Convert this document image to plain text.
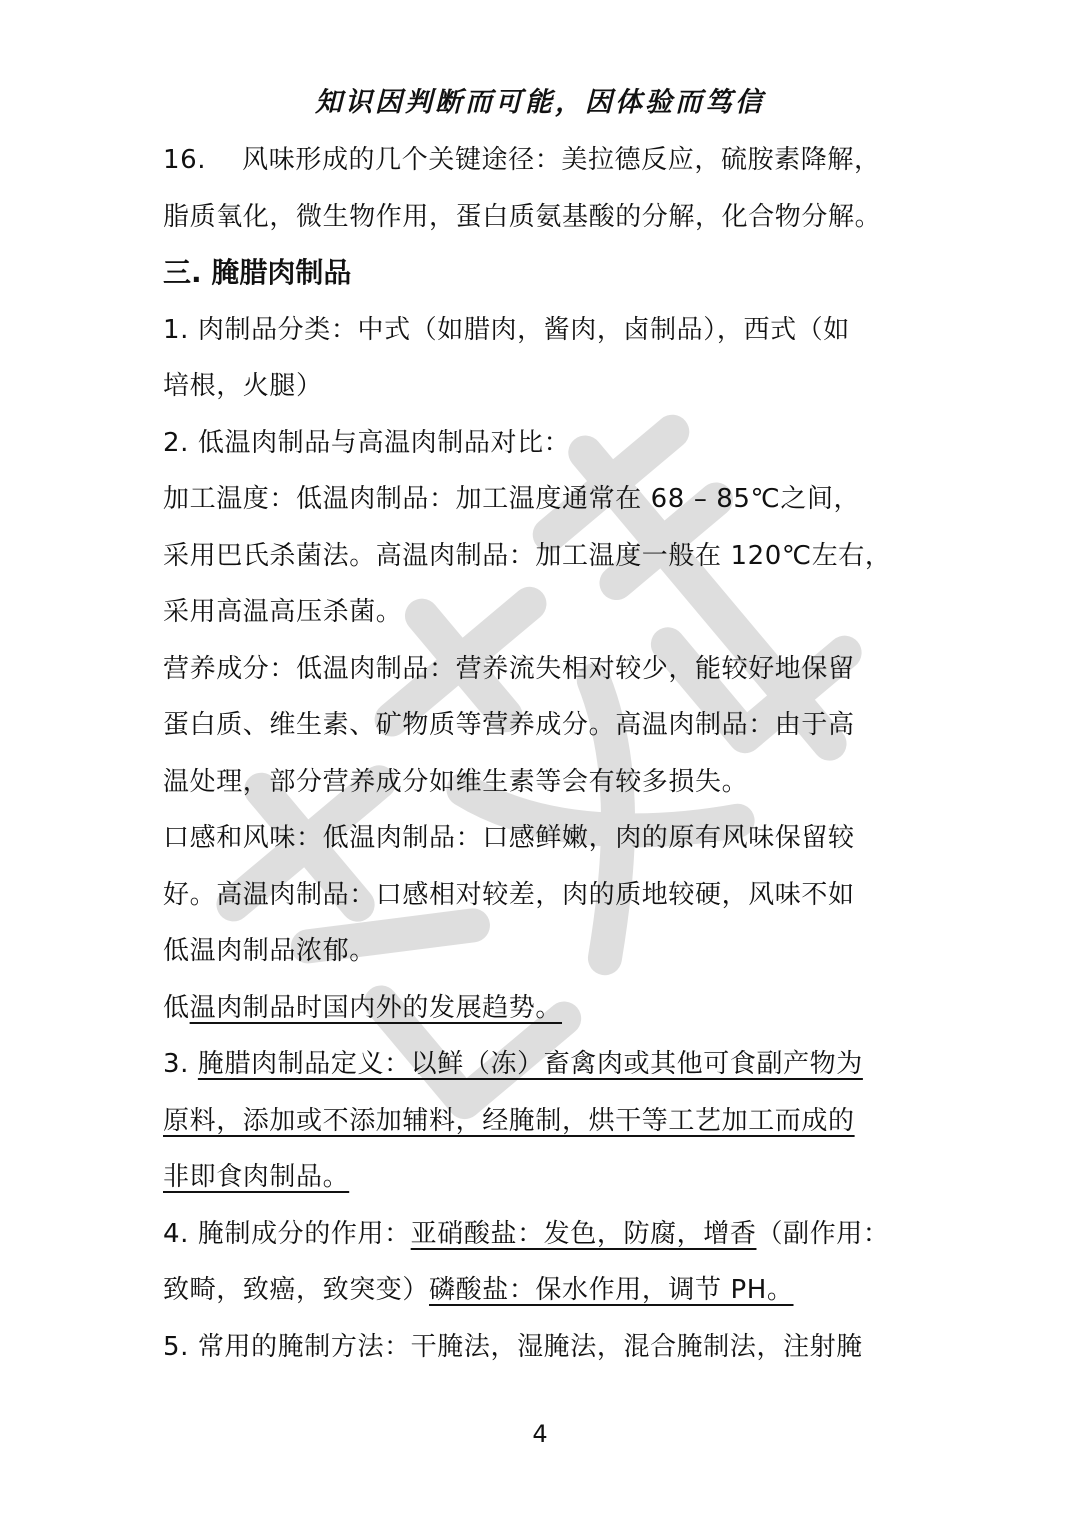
知识因判断而可能，因体验而笃信
16. 风味形成的几个关键途径：美拉德反应，硫胺素降解，
脂质氧化，微生物作用，蛋白质氨基酸的分解，化合物分解。
三. 腌腊肉制品
1. 肉制品分类：中式（如腊肉，酱肉，卤制品），西式（如
培根，火腿）
2. 低温肉制品与高温肉制品对比：
加工温度：低温肉制品：加工温度通常在 68 – 85℃之间，
采用巴氏杀菌法。高温肉制品：加工温度一般在 120℃左右，
采用高温高压杀菌。
营养成分：低温肉制品：营养流失相对较少，能较好地保留
蛋白质、维生素、矿物质等营养成分。高温肉制品：由于高
温处理，部分营养成分如维生素等会有较多损失。
口感和风味：低温肉制品：口感鲜嫩，肉的原有风味保留较
好。高温肉制品：口感相对较差，肉的质地较硬，风味不如
低温肉制品浓郁。
低温肉制品时国内外的发展趋势。
3. 腌腊肉制品定义：以鲜（冻）畜禽肉或其他可食副产物为
原料，添加或不添加辅料，经腌制，烘干等工艺加工而成的
非即食肉制品。
4. 腌制成分的作用：亚硝酸盐：发色，防腐，增香（副作用：
致畸，致癌，致突变）磷酸盐：保水作用，调节 PH。
5. 常用的腌制方法：干腌法，湿腌法，混合腌制法，注射腌
4
